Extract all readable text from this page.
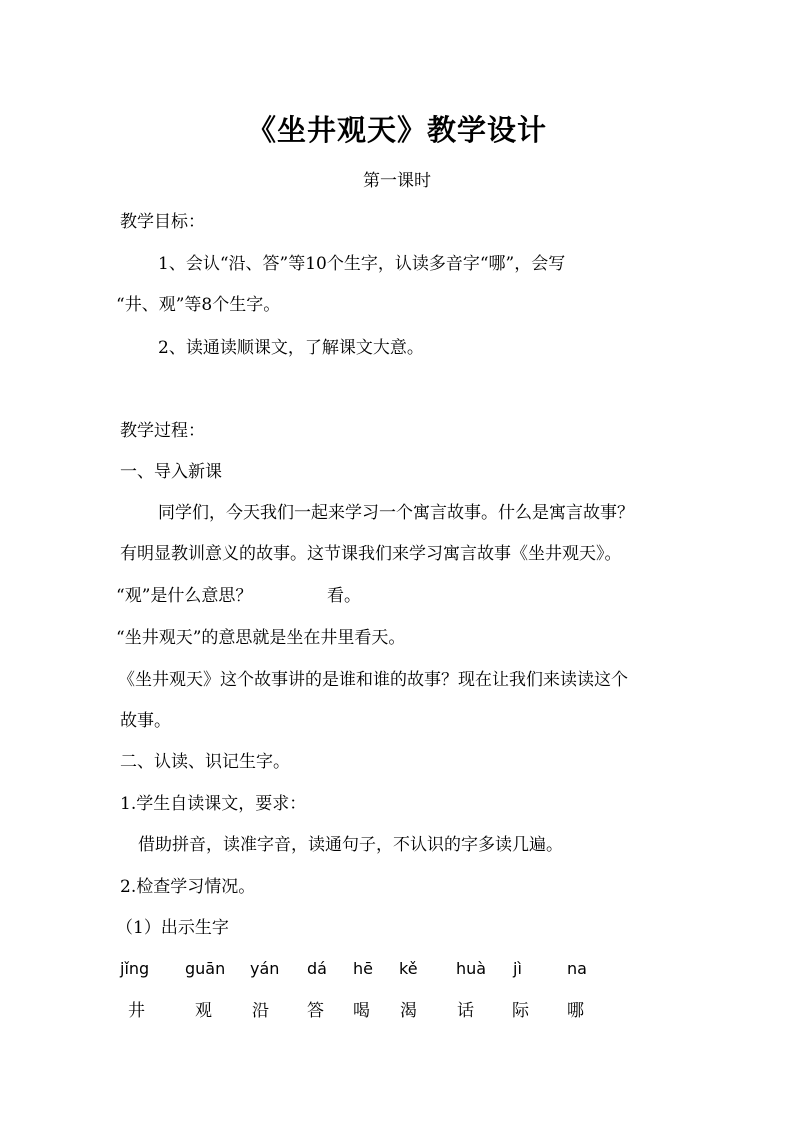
《坐井观天》教学设计
第一课时
教学目标：
1、会认“沿、答”等10个生字，认读多音字“哪”，会写
“井、观”等8个生字。
2、读通读顺课文，了解课文大意。
教学过程：
一、导入新课
同学们，今天我们一起来学习一个寓言故事。什么是寓言故事？
有明显教训意义的故事。这节课我们来学习寓言故事《坐井观天》。
“观”是什么意思？	看。
“坐井观天”的意思就是坐在井里看天。
《坐井观天》这个故事讲的是谁和谁的故事？现在让我们来读读这个
故事。
二、认读、识记生字。
1.学生自读课文，要求：
借助拼音，读准字音，读通句子，不认识的字多读几遍。
2.检查学习情况。
（1）出示生字
jǐng guān yán dá hē kě huà jì	na
井	观 沿 答 喝 渴 话 际 哪
